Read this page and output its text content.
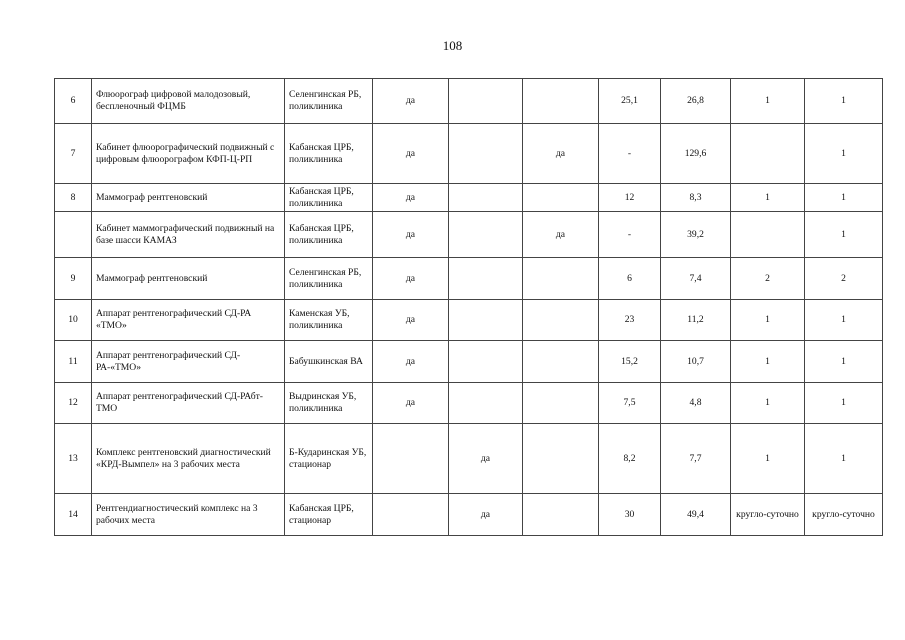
108
6	Флюорограф цифровой малодозовый, беспленочный ФЦМБ	Селенгинская РБ, поликлиника	да			25,1	26,8	1	1
7	Кабинет флюорографический подвижный с цифровым флюорографом КФП-Ц-РП	Кабанская ЦРБ, поликлиника	да		да	-	129,6		1
8	Маммограф рентгеновский	Кабанская ЦРБ, поликлиника	да			12	8,3	1	1
	Кабинет маммографический подвижный на базе шасси КАМАЗ	Кабанская ЦРБ, поликлиника	да		да	-	39,2		1
9	Маммограф рентгеновский	Селенгинская РБ, поликлиника	да			6	7,4	2	2
10	Аппарат рентгенографический СД-РА «ТМО»	Каменская УБ, поликлиника	да			23	11,2	1	1
11	Аппарат рентгенографический СД-РА-«ТМО»	Бабушкинская ВА	да			15,2	10,7	1	1
12	Аппарат рентгенографический СД-РАбт-ТМО	Выдринская УБ, поликлиника	да			7,5	4,8	1	1
13	Комплекс рентгеновский диагностический «КРД-Вымпел» на 3 рабочих места	Б-Кударинская УБ, стационар		да		8,2	7,7	1	1
14	Рентгендиагностический комплекс на 3 рабочих места	Кабанская ЦРБ, стационар		да		30	49,4	кругло-суточно	кругло-суточно
